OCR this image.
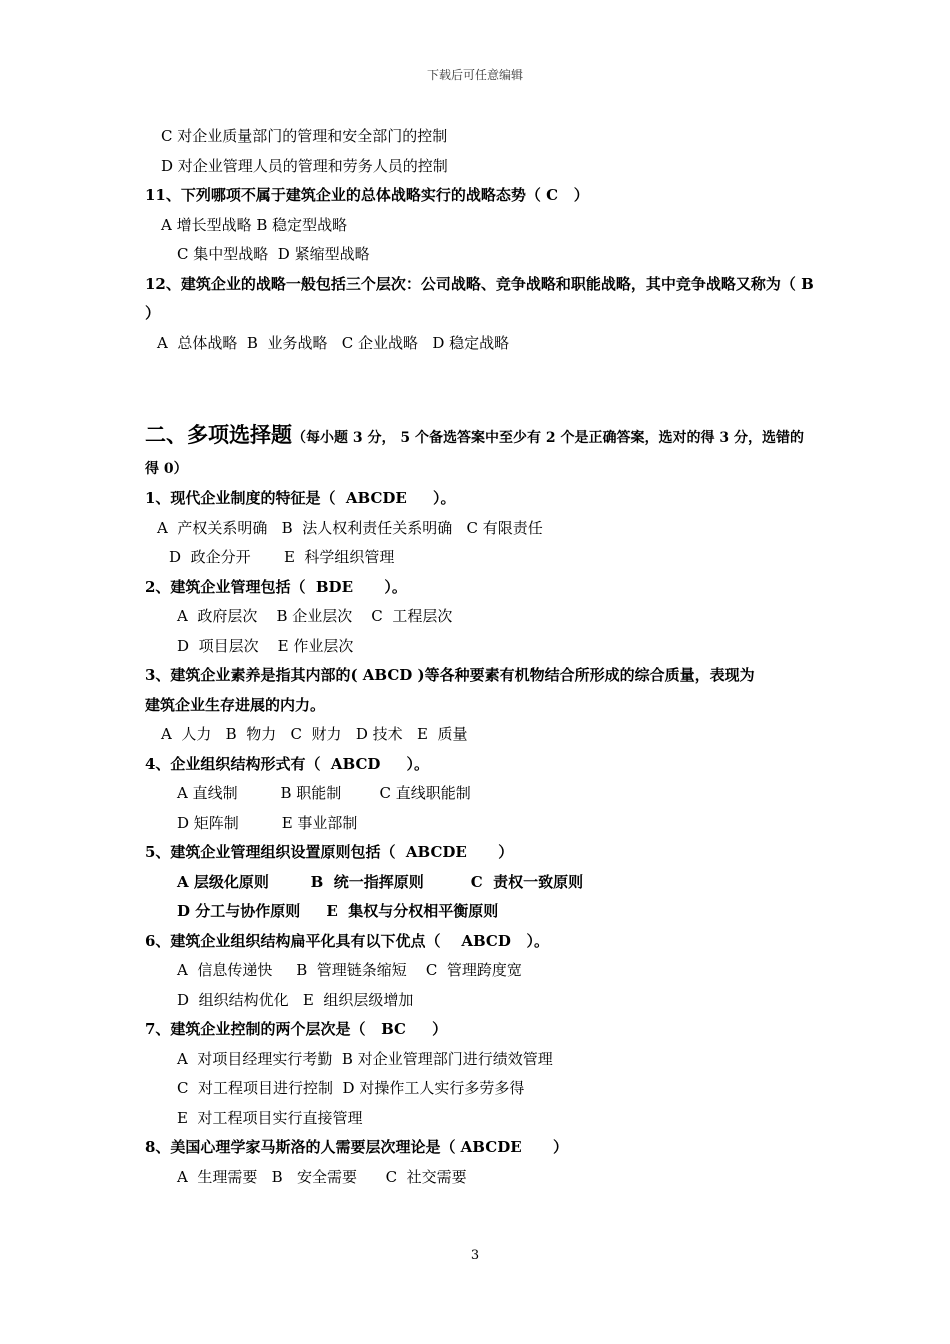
下载后可任意编辑
C 对企业质量部门的管理和安全部门的控制
D 对企业管理人员的管理和劳务人员的控制
11、下列哪项不属于建筑企业的总体战略实行的战略态势（ C   ）
A 增长型战略 B 稳定型战略
C 集中型战略  D 紧缩型战略
12、建筑企业的战略一般包括三个层次：公司战略、竞争战略和职能战略，其中竞争战略又称为（ B ）
A  总体战略  B  业务战略   C 企业战略   D 稳定战略
二、多项选择题（每小题 3 分， 5 个备选答案中至少有 2 个是正确答案，选对的得 3 分，选错的得 0）
1、现代企业制度的特征是（  ABCDE     ）。
A  产权关系明确   B  法人权利责任关系明确   C 有限责任
D  政企分开       E  科学组织管理
2、建筑企业管理包括（  BDE      ）。
A  政府层次    B 企业层次    C  工程层次
D  项目层次    E 作业层次
3、建筑企业素养是指其内部的( ABCD )等各种要素有机物结合所形成的综合质量，表现为
建筑企业生存进展的内力。
A  人力   B  物力   C  财力   D 技术   E  质量
4、企业组织结构形式有（  ABCD     ）。
A 直线制         B 职能制        C 直线职能制
D 矩阵制         E 事业部制
5、建筑企业管理组织设置原则包括（  ABCDE      ）
A 层级化原则        B  统一指挥原则         C  责权一致原则
D 分工与协作原则     E  集权与分权相平衡原则
6、建筑企业组织结构扁平化具有以下优点（    ABCD   ）。
A  信息传递快     B  管理链条缩短    C  管理跨度宽
D  组织结构优化   E  组织层级增加
7、建筑企业控制的两个层次是（   BC     ）
A  对项目经理实行考勤  B 对企业管理部门进行绩效管理
C  对工程项目进行控制  D 对操作工人实行多劳多得
E  对工程项目实行直接管理
8、美国心理学家马斯洛的人需要层次理论是（ ABCDE      ）
A  生理需要   B   安全需要      C  社交需要
3
